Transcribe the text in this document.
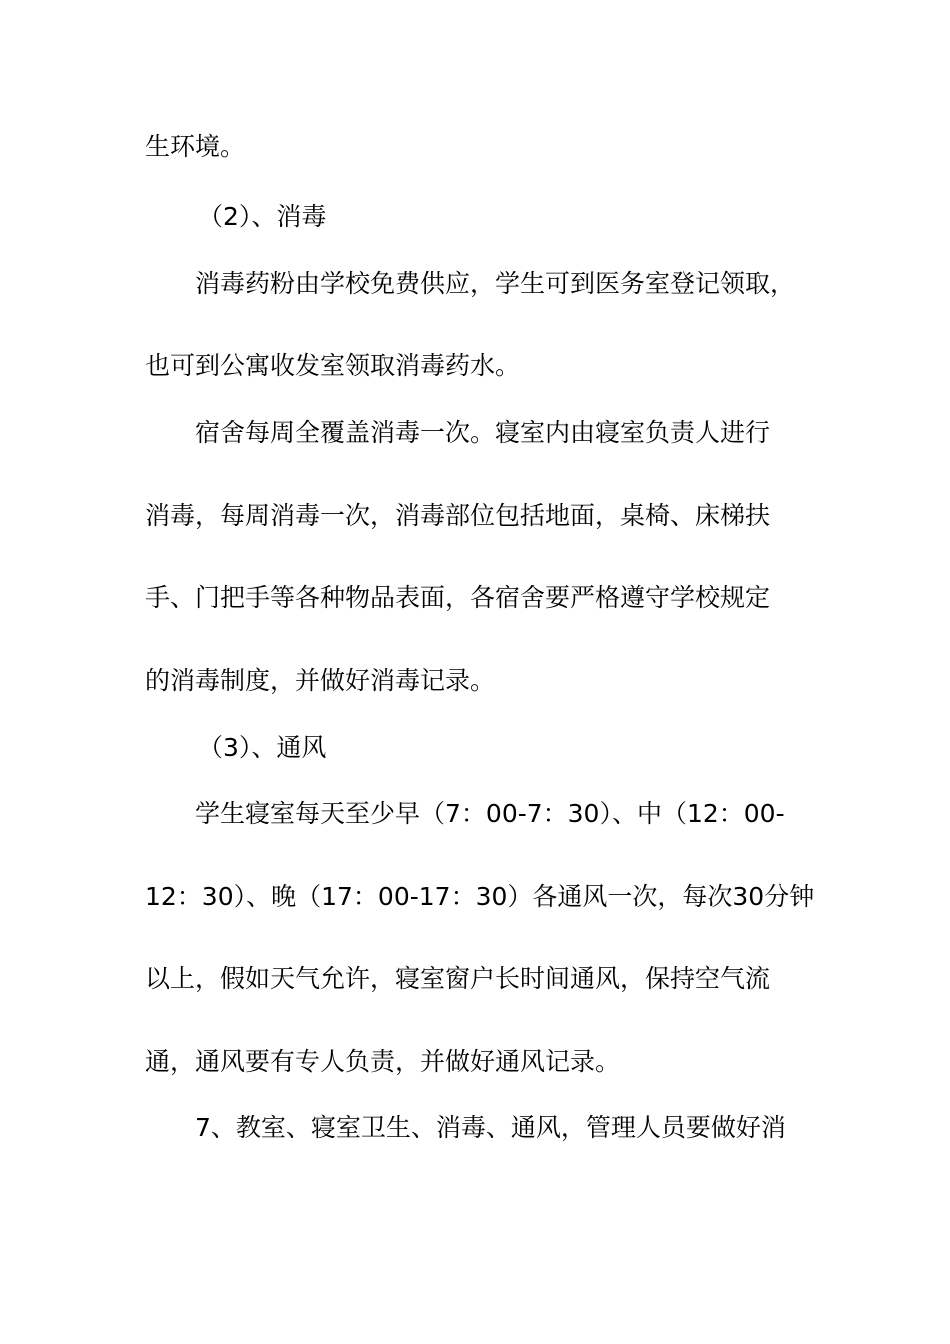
生环境。
（2）、消毒
消毒药粉由学校免费供应，学生可到医务室登记领取，
也可到公寓收发室领取消毒药水。
宿舍每周全覆盖消毒一次。寝室内由寝室负责人进行
消毒，每周消毒一次，消毒部位包括地面，桌椅、床梯扶
手、门把手等各种物品表面，各宿舍要严格遵守学校规定
的消毒制度，并做好消毒记录。
（3）、通风
学生寝室每天至少早（7：00-7：30）、中（12：00-
12：30）、晚（17：00-17：30）各通风一次，每次30分钟
以上，假如天气允许，寝室窗户长时间通风，保持空气流
通，通风要有专人负责，并做好通风记录。
7、教室、寝室卫生、消毒、通风，管理人员要做好消
